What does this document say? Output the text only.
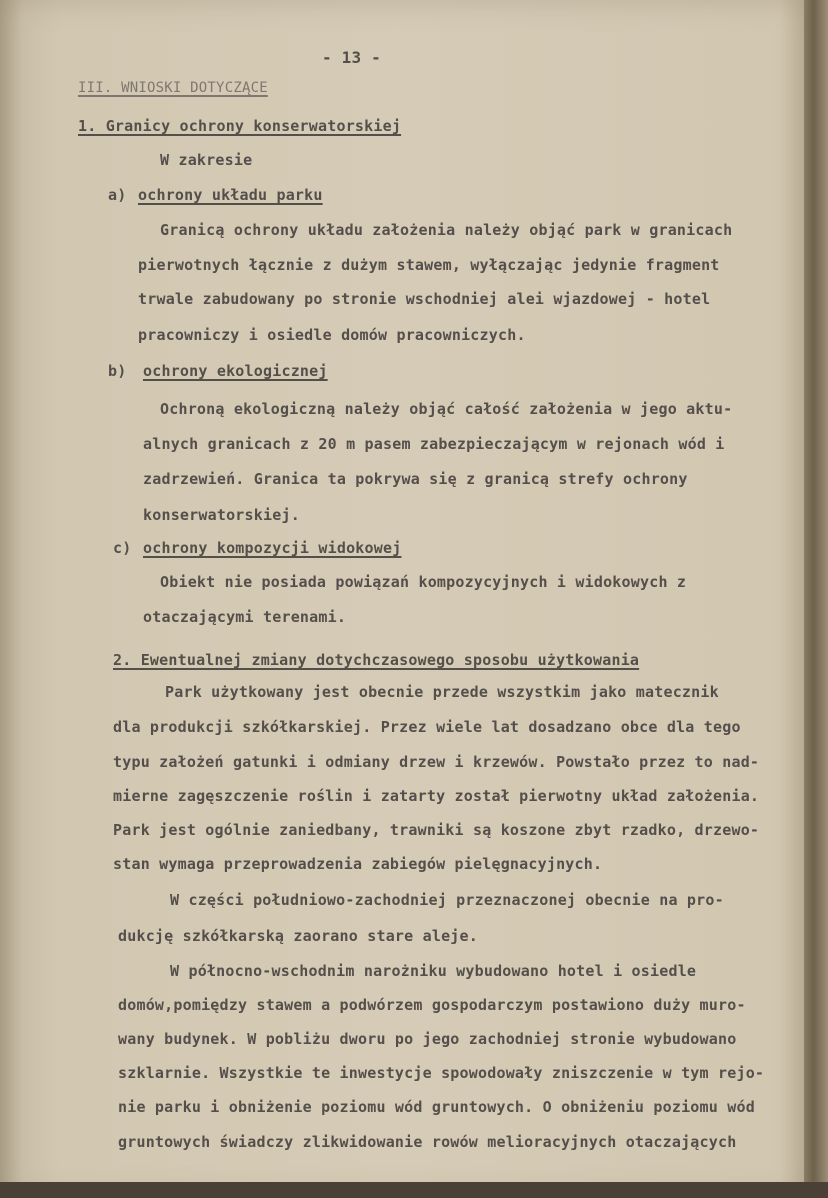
- 13 -
III. WNIOSKI DOTYCZĄCE
1. Granicy ochrony konserwatorskiej
W zakresie
a) ochrony układu parku
Granicą ochrony układu założenia należy objąć park w granicach
pierwotnych łącznie z dużym stawem, wyłączając jedynie fragment
trwale zabudowany po stronie wschodniej alei wjazdowej - hotel
pracowniczy i osiedle domów pracowniczych.
b) ochrony ekologicznej
Ochroną ekologiczną należy objąć całość założenia w jego aktu-
alnych granicach z 20 m pasem zabezpieczającym w rejonach wód i
zadrzewień. Granica ta pokrywa się z granicą strefy ochrony
konserwatorskiej.
c) ochrony kompozycji widokowej
Obiekt nie posiada powiązań kompozycyjnych i widokowych z
otaczającymi terenami.
2. Ewentualnej zmiany dotychczasowego sposobu użytkowania
Park użytkowany jest obecnie przede wszystkim jako matecznik
dla produkcji szkółkarskiej. Przez wiele lat dosadzano obce dla tego
typu założeń gatunki i odmiany drzew i krzewów. Powstało przez to nad-
mierne zagęszczenie roślin i zatarty został pierwotny układ założenia.
Park jest ogólnie zaniedbany, trawniki są koszone zbyt rzadko, drzewo-
stan wymaga przeprowadzenia zabiegów pielęgnacyjnych.
W części południowo-zachodniej przeznaczonej obecnie na pro-
dukcję szkółkarską zaorano stare aleje.
W północno-wschodnim narożniku wybudowano hotel i osiedle
domów,pomiędzy stawem a podwórzem gospodarczym postawiono duży muro-
wany budynek. W pobliżu dworu po jego zachodniej stronie wybudowano
szklarnie. Wszystkie te inwestycje spowodowały zniszczenie w tym rejo-
nie parku i obniżenie poziomu wód gruntowych. O obniżeniu poziomu wód
gruntowych świadczy zlikwidowanie rowów melioracyjnych otaczających
